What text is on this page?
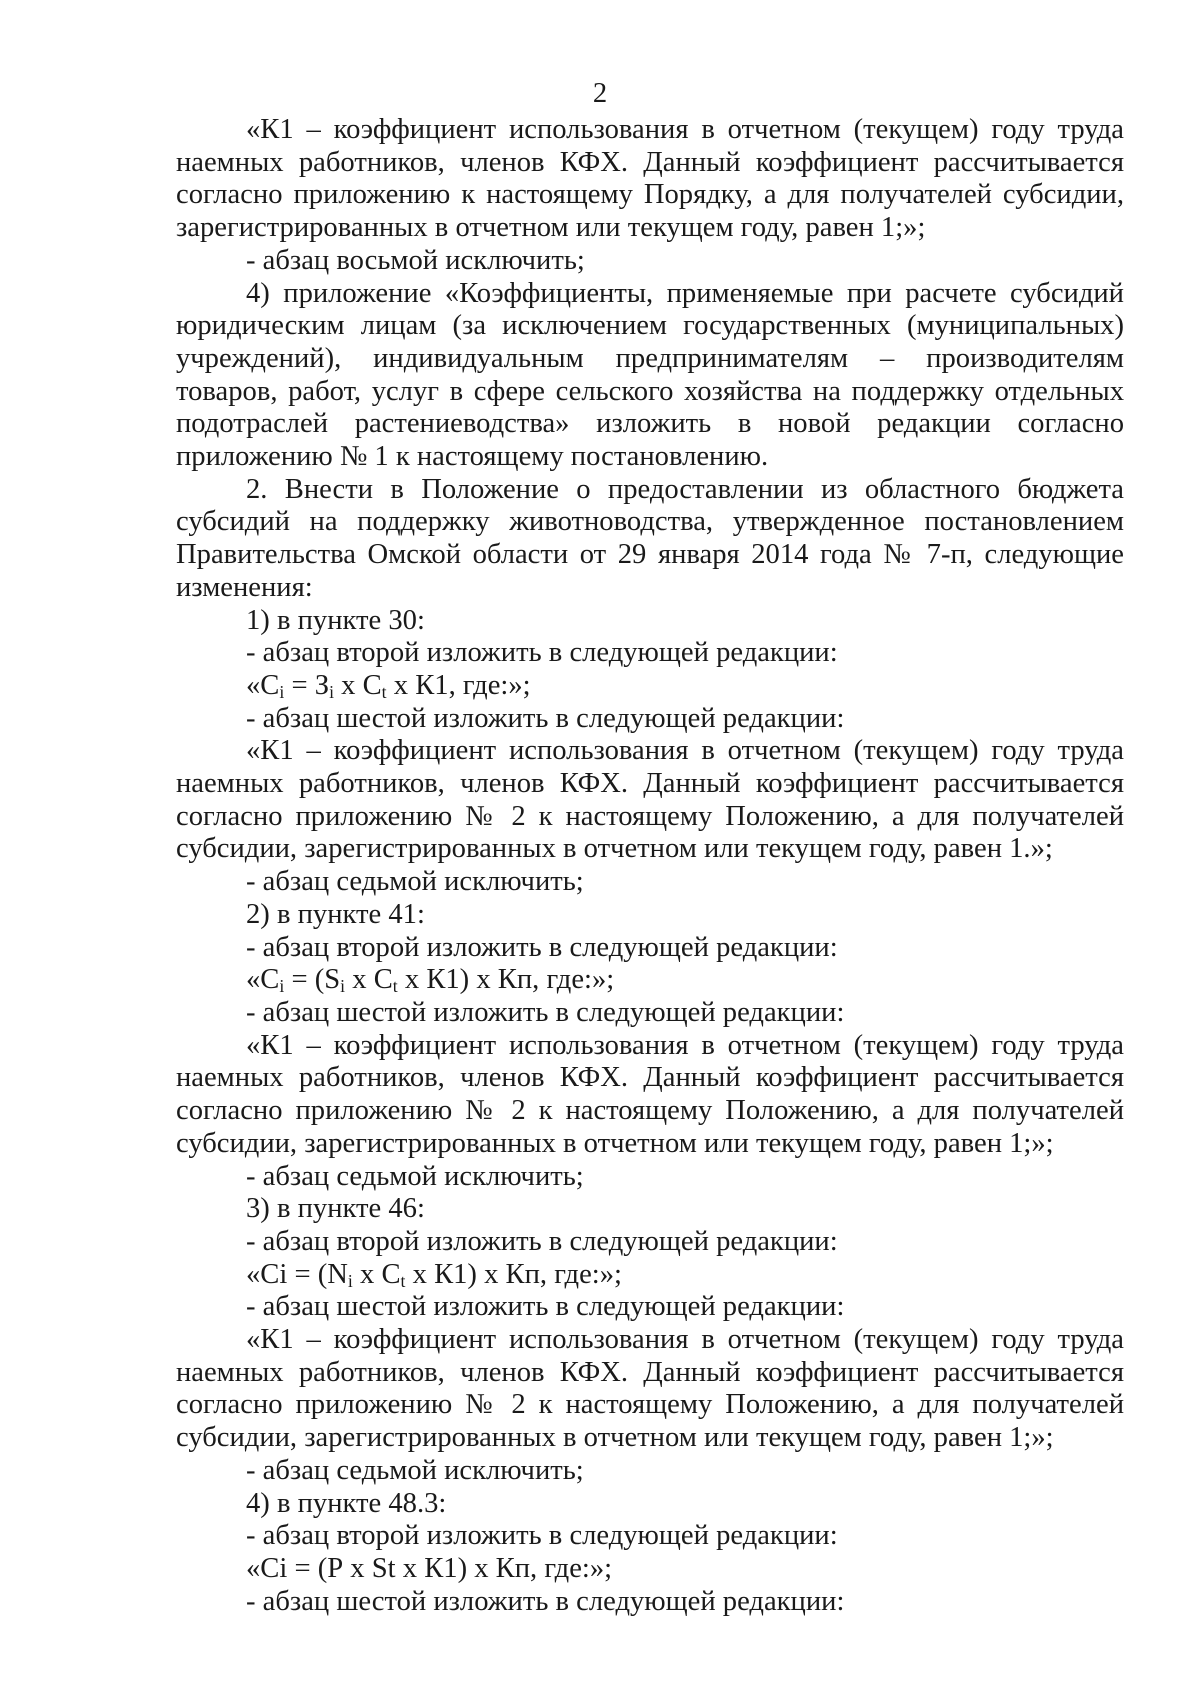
2

«К1 – коэффициент использования в отчетном (текущем) году труда наемных работников, членов КФХ. Данный коэффициент рассчитывается согласно приложению к настоящему Порядку, а для получателей субсидии, зарегистрированных в отчетном или текущем году, равен 1;»;

- абзац восьмой исключить;

4) приложение «Коэффициенты, применяемые при расчете субсидий
юридическим лицам (за исключением государственных (муниципальных)
учреждений), индивидуальным предпринимателям – производителям
товаров, работ, услуг в сфере сельского хозяйства на поддержку отдельных
подотраслей растениеводства» изложить в новой редакции согласно
приложению № 1 к настоящему постановлению.

2. Внести в Положение о предоставлении из областного бюджета субсидий на поддержку животноводства, утвержденное постановлением Правительства Омской области от 29 января 2014 года № 7-п, следующие изменения:

1) в пункте 30:

- абзац второй изложить в следующей редакции:

«$C_i = З_i$ х $C_t$ х К1, где:»;

- абзац шестой изложить в следующей редакции:

«К1 – коэффициент использования в отчетном (текущем) году труда наемных работников, членов КФХ. Данный коэффициент рассчитывается согласно приложению № 2 к настоящему Положению, а для получателей субсидии, зарегистрированных в отчетном или текущем году, равен 1.»;

- абзац седьмой исключить;

2) в пункте 41:

- абзац второй изложить в следующей редакции:

«$C_i = (S_i$ х $C_t$ х К1) х Кп, где:»;

- абзац шестой изложить в следующей редакции:

«К1 – коэффициент использования в отчетном (текущем) году труда наемных работников, членов КФХ. Данный коэффициент рассчитывается согласно приложению № 2 к настоящему Положению, а для получателей субсидии, зарегистрированных в отчетном или текущем году, равен 1;»;

- абзац седьмой исключить;

3) в пункте 46:

- абзац второй изложить в следующей редакции:

«$Ci = (N_i$ х $C_t$ х К1) х Кп, где:»;

- абзац шестой изложить в следующей редакции:

«К1 – коэффициент использования в отчетном (текущем) году труда наемных работников, членов КФХ. Данный коэффициент рассчитывается согласно приложению № 2 к настоящему Положению, а для получателей субсидии, зарегистрированных в отчетном или текущем году, равен 1;»;

- абзац седьмой исключить;

4) в пункте 48.3:

- абзац второй изложить в следующей редакции:

«Ci = (Р х St х К1) х Кп, где:»;

- абзац шестой изложить в следующей редакции:
